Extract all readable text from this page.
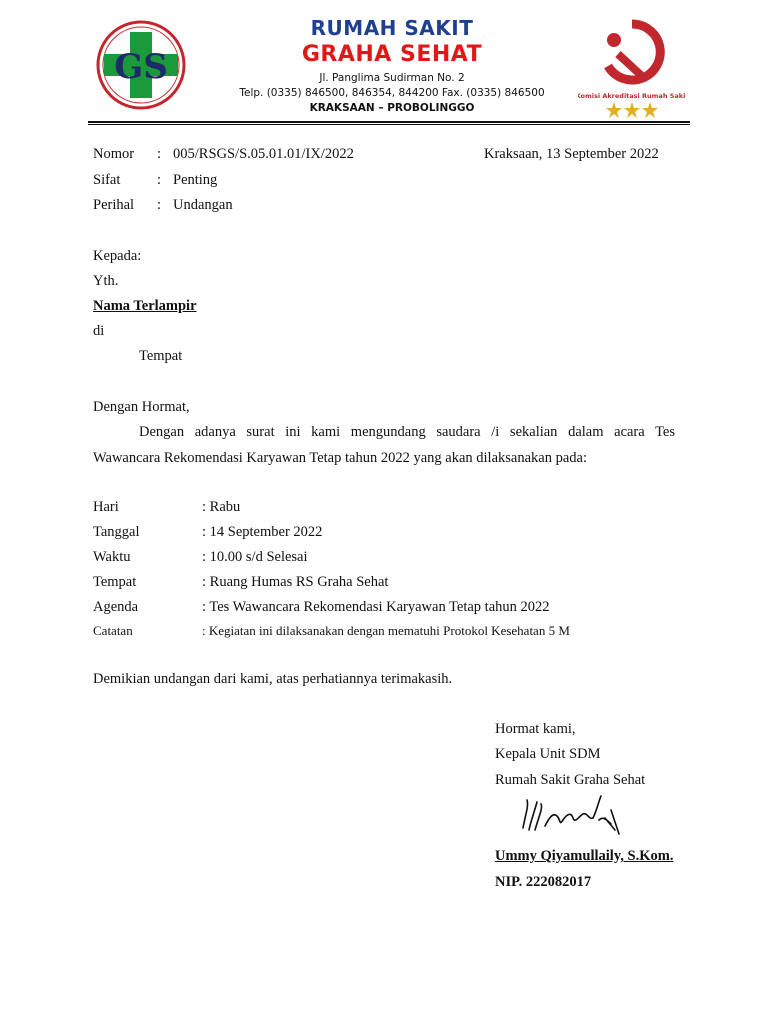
GS
RUMAH SAKIT
GRAHA SEHAT
Jl. Panglima Sudirman No. 2
Telp. (0335) 846500, 846354, 844200 Fax. (0335) 846500
KRAKSAAN – PROBOLINGGO
Komisi Akreditasi Rumah Sakit
Nomor : 005/RSGS/S.05.01.01/IX/2022	Kraksaan, 13 September 2022
Sifat	: Penting
Perihal : Undangan
Kepada:
Yth.
Nama Terlampir
di
Tempat
Dengan Hormat,
Dengan adanya surat ini kami mengundang saudara /i sekalian dalam acara Tes
Wawancara Rekomendasi Karyawan Tetap tahun 2022 yang akan dilaksanakan pada:
Hari	: Rabu
Tanggal	: 14 September 2022
Waktu	: 10.00 s/d Selesai
Tempat	: Ruang Humas RS Graha Sehat
Agenda	: Tes Wawancara Rekomendasi Karyawan Tetap tahun 2022
Catatan	: Kegiatan ini dilaksanakan dengan mematuhi Protokol Kesehatan 5 M
Demikian undangan dari kami, atas perhatiannya terimakasih.
Hormat kami,
Kepala Unit SDM
Rumah Sakit Graha Sehat
Ummy Qiyamullaily, S.Kom.
NIP. 222082017
